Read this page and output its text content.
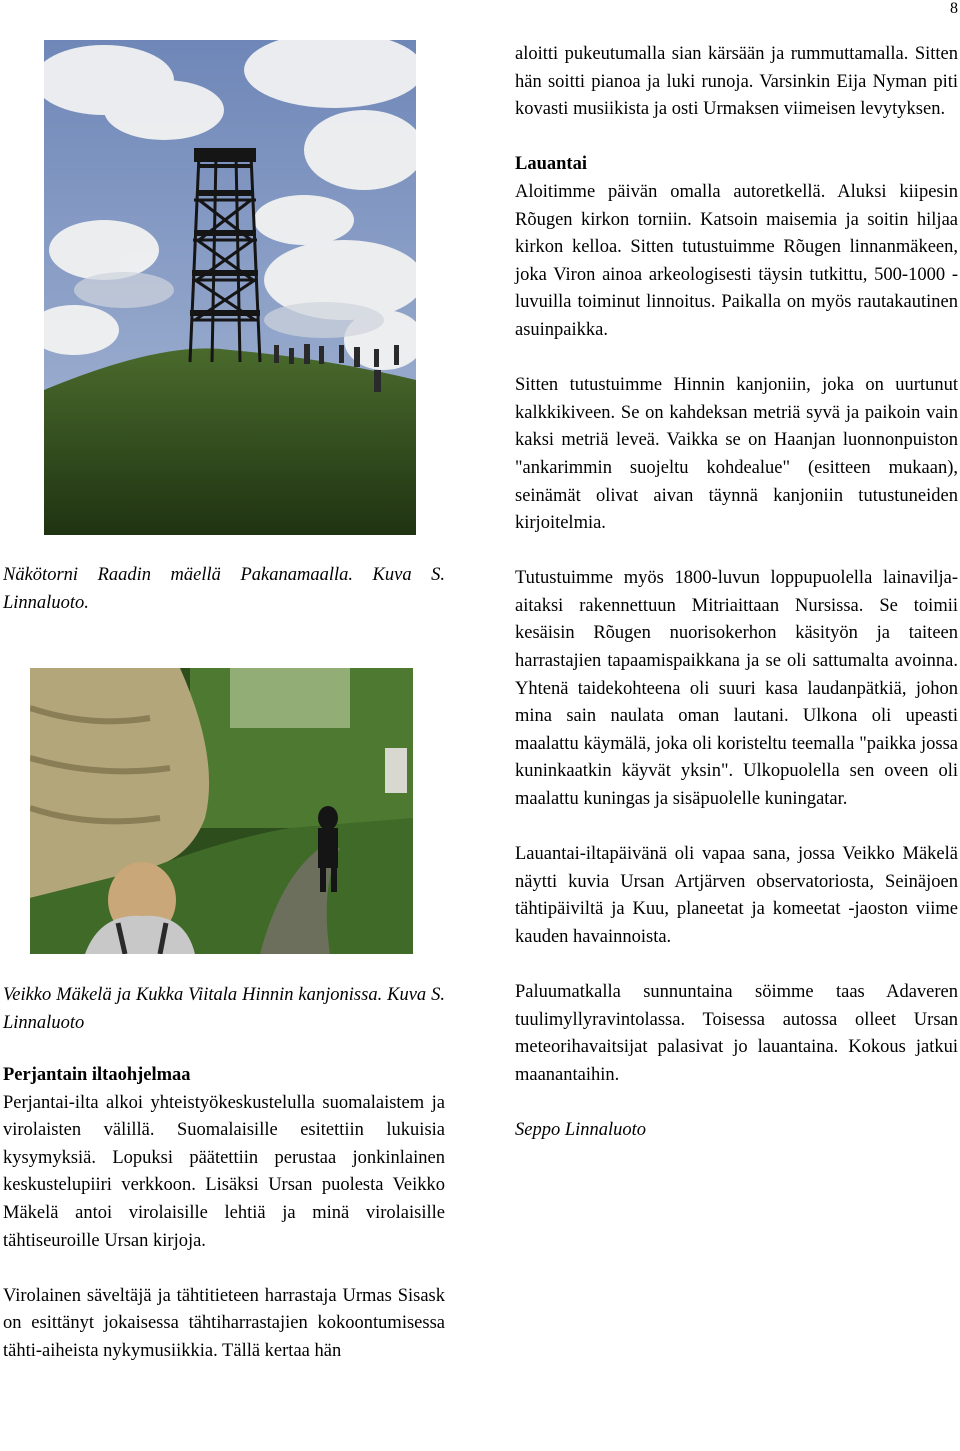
8

Näkötorni Raadin mäellä Pakanamaalla. Kuva S. Linnaluoto.

Veikko Mäkelä ja Kukka Viitala Hinnin kanjonissa. Kuva S. Linnaluoto

Perjantain iltaohjelmaa

Perjantai-ilta alkoi yhteistyökeskustelulla suomalaistem ja virolaisten välillä. Suomalaisille esitettiin lukuisia kysymyksiä. Lopuksi päätettiin perustaa jonkinlainen keskustelupiiri verkkoon. Lisäksi Ursan puolesta Veikko Mäkelä antoi virolaisille lehtiä ja minä virolaisille tähtiseuroille Ursan kirjoja.

Virolainen säveltäjä ja tähtitieteen harrastaja Urmas Sisask on esittänyt jokaisessa tähtiharrastajien kokoontumisessa tähti-aiheista nykymusiikkia. Tällä kertaa hän

aloitti pukeutumalla sian kärsään ja rummuttamalla. Sitten hän soitti pianoa ja luki runoja. Varsinkin Eija Nyman piti kovasti musiikista ja osti Urmaksen viimeisen levytyksen.

Lauantai

Aloitimme päivän omalla autoretkellä. Aluksi kiipesin Rõugen kirkon torniin. Katsoin maisemia ja soitin hiljaa kirkon kelloa. Sitten tutustuimme Rõugen linnanmäkeen, joka Viron ainoa arkeologisesti täysin tutkittu, 500-1000 -luvuilla toiminut linnoitus. Paikalla on myös rautakautinen asuinpaikka.

Sitten tutustuimme Hinnin kanjoniin, joka on uurtunut kalkkikiveen. Se on kahdeksan metriä syvä ja paikoin vain kaksi metriä leveä. Vaikka se on Haanjan luonnonpuiston "ankarimmin suojeltu kohdealue" (esitteen mukaan), seinämät olivat aivan täynnä kanjoniin tutustuneiden kirjoitelmia.

Tutustuimme myös 1800-luvun loppupuolella lainavilja-aitaksi rakennettuun Mitriaittaan Nursissa. Se toimii kesäisin Rõugen nuorisokerhon käsityön ja taiteen harrastajien tapaamispaikkana ja se oli sattumalta avoinna. Yhtenä taidekohteena oli suuri kasa laudanpätkiä, johon mina sain naulata oman lautani. Ulkona oli upeasti maalattu käymälä, joka oli koristeltu teemalla "paikka jossa kuninkaatkin käyvät yksin". Ulkopuolella sen oveen oli maalattu kuningas ja sisäpuolelle kuningatar.

Lauantai-iltapäivänä oli vapaa sana, jossa Veikko Mäkelä näytti kuvia Ursan Artjärven observatoriosta, Seinäjoen tähtipäiviltä ja Kuu, planeetat ja komeetat -jaoston viime kauden havainnoista.

Paluumatkalla sunnuntaina söimme taas Adaveren tuulimyllyravintolassa. Toisessa autossa olleet Ursan meteorihavaitsijat palasivat jo lauantaina. Kokous jatkui maanantaihin.

Seppo Linnaluoto
